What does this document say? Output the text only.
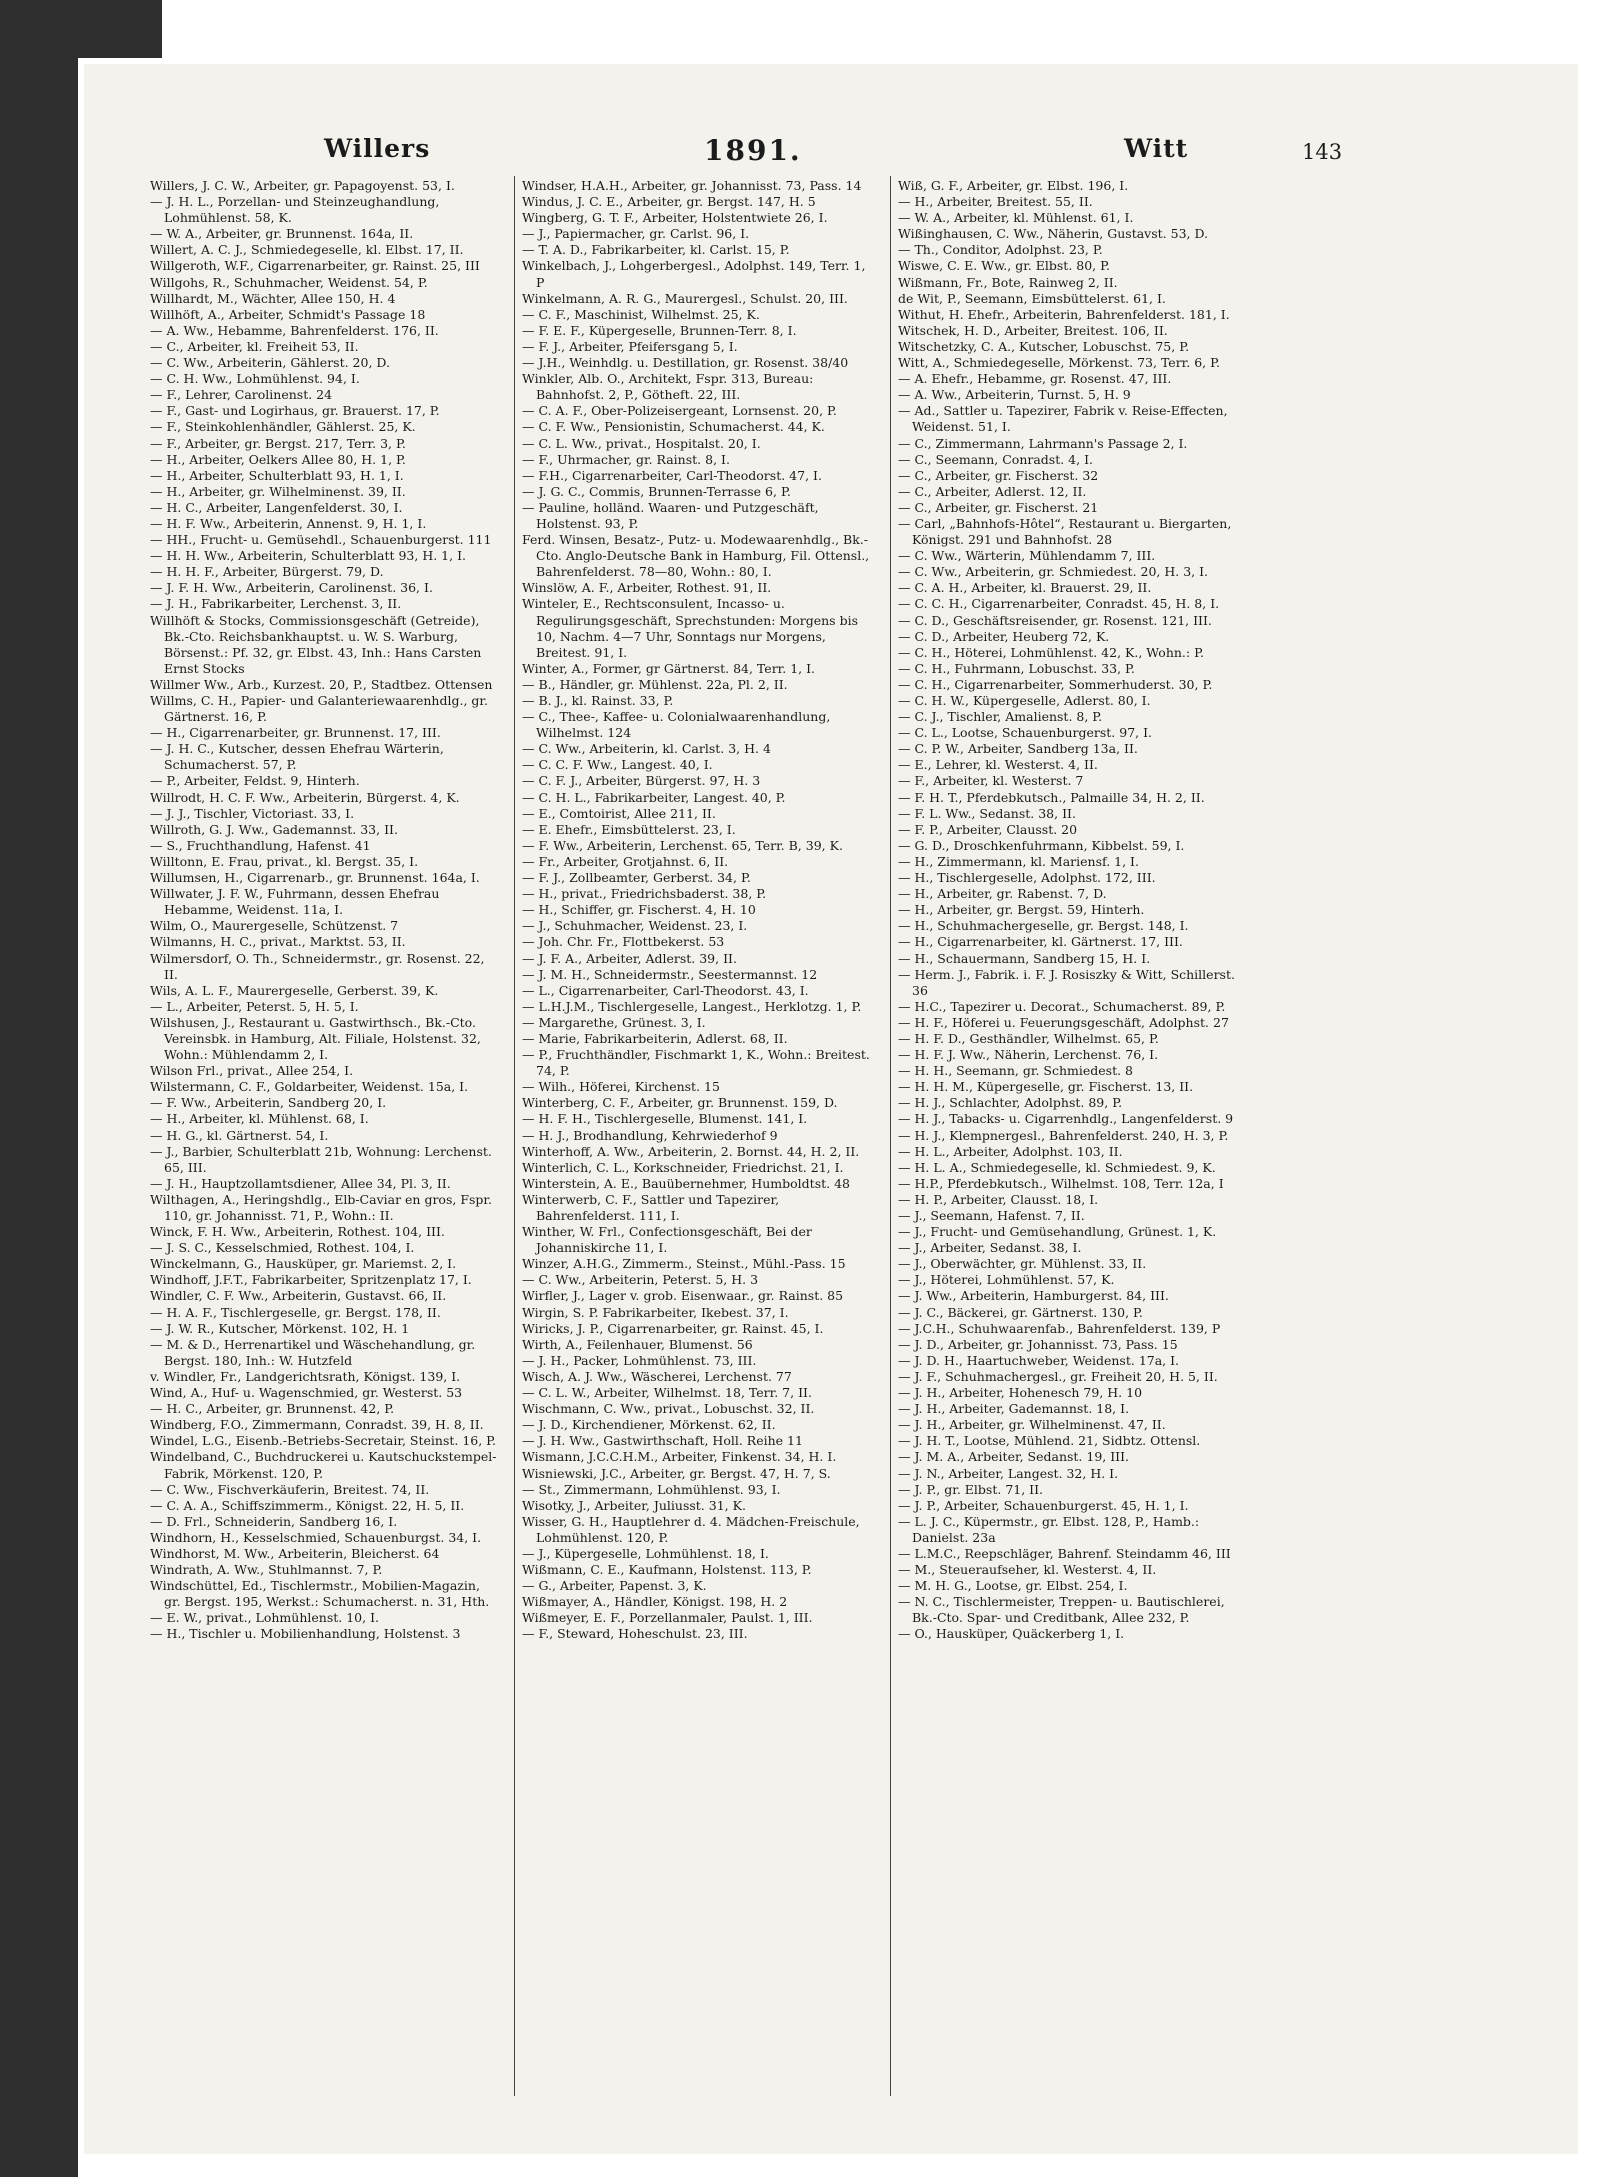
Willers	1891.	Witt	143

Willers, J. C. W., Arbeiter, gr. Papagoyenst. 53, I.

— J. H. L., Porzellan- und Steinzeughandlung, Lohmühlenst. 58, K.

— W. A., Arbeiter, gr. Brunnenst. 164a, II.

Willert, A. C. J., Schmiedegeselle, kl. Elbst. 17, II.

Willgeroth, W.F., Cigarrenarbeiter, gr. Rainst. 25, III

Willgohs, R., Schuhmacher, Weidenst. 54, P.

Willhardt, M., Wächter, Allee 150, H. 4

Willhöft, A., Arbeiter, Schmidt's Passage 18

— A. Ww., Hebamme, Bahrenfelderst. 176, II.

— C., Arbeiter, kl. Freiheit 53, II.

— C. Ww., Arbeiterin, Gählerst. 20, D.

— C. H. Ww., Lohmühlenst. 94, I.

— F., Lehrer, Carolinenst. 24

— F., Gast- und Logirhaus, gr. Brauerst. 17, P.

— F., Steinkohlenhändler, Gählerst. 25, K.

— F., Arbeiter, gr. Bergst. 217, Terr. 3, P.

— H., Arbeiter, Oelkers Allee 80, H. 1, P.

— H., Arbeiter, Schulterblatt 93, H. 1, I.

— H., Arbeiter, gr. Wilhelminenst. 39, II.

— H. C., Arbeiter, Langenfelderst. 30, I.

— H. F. Ww., Arbeiterin, Annenst. 9, H. 1, I.

— HH., Frucht- u. Gemüsehdl., Schauenburgerst. 111

— H. H. Ww., Arbeiterin, Schulterblatt 93, H. 1, I.

— H. H. F., Arbeiter, Bürgerst. 79, D.

— J. F. H. Ww., Arbeiterin, Carolinenst. 36, I.

— J. H., Fabrikarbeiter, Lerchenst. 3, II.

Willhöft & Stocks, Commissionsgeschäft (Getreide), Bk.-Cto. Reichsbankhauptst. u. W. S. Warburg, Börsenst.: Pf. 32, gr. Elbst. 43, Inh.: Hans Carsten Ernst Stocks

Willmer Ww., Arb., Kurzest. 20, P., Stadtbez. Ottensen

Willms, C. H., Papier- und Galanteriewaarenhdlg., gr. Gärtnerst. 16, P.

— H., Cigarrenarbeiter, gr. Brunnenst. 17, III.

— J. H. C., Kutscher, dessen Ehefrau Wärterin, Schumacherst. 57, P.

— P., Arbeiter, Feldst. 9, Hinterh.

Willrodt, H. C. F. Ww., Arbeiterin, Bürgerst. 4, K.

— J. J., Tischler, Victoriast. 33, I.

Willroth, G. J. Ww., Gademannst. 33, II.

— S., Fruchthandlung, Hafenst. 41

Willtonn, E. Frau, privat., kl. Bergst. 35, I.

Willumsen, H., Cigarrenarb., gr. Brunnenst. 164a, I.

Willwater, J. F. W., Fuhrmann, dessen Ehefrau Hebamme, Weidenst. 11a, I.

Wilm, O., Maurergeselle, Schützenst. 7

Wilmanns, H. C., privat., Marktst. 53, II.

Wilmersdorf, O. Th., Schneidermstr., gr. Rosenst. 22, II.

Wils, A. L. F., Maurergeselle, Gerberst. 39, K.

— L., Arbeiter, Peterst. 5, H. 5, I.

Wilshusen, J., Restaurant u. Gastwirthsch., Bk.-Cto. Vereinsbk. in Hamburg, Alt. Filiale, Holstenst. 32, Wohn.: Mühlendamm 2, I.

Wilson Frl., privat., Allee 254, I.

Wilstermann, C. F., Goldarbeiter, Weidenst. 15a, I.

— F. Ww., Arbeiterin, Sandberg 20, I.

— H., Arbeiter, kl. Mühlenst. 68, I.

— H. G., kl. Gärtnerst. 54, I.

— J., Barbier, Schulterblatt 21b, Wohnung: Lerchenst. 65, III.

— J. H., Hauptzollamtsdiener, Allee 34, Pl. 3, II.

Wilthagen, A., Heringshdlg., Elb-Caviar en gros, Fspr. 110, gr. Johannisst. 71, P., Wohn.: II.

Winck, F. H. Ww., Arbeiterin, Rothest. 104, III.

— J. S. C., Kesselschmied, Rothest. 104, I.

Winckelmann, G., Hausküper, gr. Mariemst. 2, I.

Windhoff, J.F.T., Fabrikarbeiter, Spritzenplatz 17, I.

Windler, C. F. Ww., Arbeiterin, Gustavst. 66, II.

— H. A. F., Tischlergeselle, gr. Bergst. 178, II.

— J. W. R., Kutscher, Mörkenst. 102, H. 1

— M. & D., Herrenartikel und Wäschehandlung, gr. Bergst. 180, Inh.: W. Hutzfeld

v. Windler, Fr., Landgerichtsrath, Königst. 139, I.

Wind, A., Huf- u. Wagenschmied, gr. Westerst. 53

— H. C., Arbeiter, gr. Brunnenst. 42, P.

Windberg, F.O., Zimmermann, Conradst. 39, H. 8, II.

Windel, L.G., Eisenb.-Betriebs-Secretair, Steinst. 16, P.

Windelband, C., Buchdruckerei u. Kautschuckstempel-Fabrik, Mörkenst. 120, P.

— C. Ww., Fischverkäuferin, Breitest. 74, II.

— C. A. A., Schiffszimmerm., Königst. 22, H. 5, II.

— D. Frl., Schneiderin, Sandberg 16, I.

Windhorn, H., Kesselschmied, Schauenburgst. 34, I.

Windhorst, M. Ww., Arbeiterin, Bleicherst. 64

Windrath, A. Ww., Stuhlmannst. 7, P.

Windschüttel, Ed., Tischlermstr., Mobilien-Magazin, gr. Bergst. 195, Werkst.: Schumacherst. n. 31, Hth.

— E. W., privat., Lohmühlenst. 10, I.

— H., Tischler u. Mobilienhandlung, Holstenst. 3

Windser, H.A.H., Arbeiter, gr. Johannisst. 73, Pass. 14

Windus, J. C. E., Arbeiter, gr. Bergst. 147, H. 5

Wingberg, G. T. F., Arbeiter, Holstentwiete 26, I.

— J., Papiermacher, gr. Carlst. 96, I.

— T. A. D., Fabrikarbeiter, kl. Carlst. 15, P.

Winkelbach, J., Lohgerbergesl., Adolphst. 149, Terr. 1, P

Winkelmann, A. R. G., Maurergesl., Schulst. 20, III.

— C. F., Maschinist, Wilhelmst. 25, K.

— F. E. F., Küpergeselle, Brunnen-Terr. 8, I.

— F. J., Arbeiter, Pfeifersgang 5, I.

— J.H., Weinhdlg. u. Destillation, gr. Rosenst. 38/40

Winkler, Alb. O., Architekt, Fspr. 313, Bureau: Bahnhofst. 2, P., Götheft. 22, III.

— C. A. F., Ober-Polizeisergeant, Lornsenst. 20, P.

— C. F. Ww., Pensionistin, Schumacherst. 44, K.

— C. L. Ww., privat., Hospitalst. 20, I.

— F., Uhrmacher, gr. Rainst. 8, I.

— F.H., Cigarrenarbeiter, Carl-Theodorst. 47, I.

— J. G. C., Commis, Brunnen-Terrasse 6, P.

— Pauline, holländ. Waaren- und Putzgeschäft, Holstenst. 93, P.

Ferd. Winsen, Besatz-, Putz- u. Modewaarenhdlg., Bk.-Cto. Anglo-Deutsche Bank in Hamburg, Fil. Ottensl., Bahrenfelderst. 78—80, Wohn.: 80, I.

Winslöw, A. F., Arbeiter, Rothest. 91, II.

Winteler, E., Rechtsconsulent, Incasso- u. Regulirungsgeschäft, Sprechstunden: Morgens bis 10, Nachm. 4—7 Uhr, Sonntags nur Morgens, Breitest. 91, I.

Winter, A., Former, gr Gärtnerst. 84, Terr. 1, I.

— B., Händler, gr. Mühlenst. 22a, Pl. 2, II.

— B. J., kl. Rainst. 33, P.

— C., Thee-, Kaffee- u. Colonialwaarenhandlung, Wilhelmst. 124

— C. Ww., Arbeiterin, kl. Carlst. 3, H. 4

— C. C. F. Ww., Langest. 40, I.

— C. F. J., Arbeiter, Bürgerst. 97, H. 3

— C. H. L., Fabrikarbeiter, Langest. 40, P.

— E., Comtoirist, Allee 211, II.

— E. Ehefr., Eimsbüttelerst. 23, I.

— F. Ww., Arbeiterin, Lerchenst. 65, Terr. B, 39, K.

— Fr., Arbeiter, Grotjahnst. 6, II.

— F. J., Zollbeamter, Gerberst. 34, P.

— H., privat., Friedrichsbaderst. 38, P.

— H., Schiffer, gr. Fischerst. 4, H. 10

— J., Schuhmacher, Weidenst. 23, I.

— Joh. Chr. Fr., Flottbekerst. 53

— J. F. A., Arbeiter, Adlerst. 39, II.

— J. M. H., Schneidermstr., Seestermannst. 12

— L., Cigarrenarbeiter, Carl-Theodorst. 43, I.

— L.H.J.M., Tischlergeselle, Langest., Herklotzg. 1, P.

— Margarethe, Grünest. 3, I.

— Marie, Fabrikarbeiterin, Adlerst. 68, II.

— P., Fruchthändler, Fischmarkt 1, K., Wohn.: Breitest. 74, P.

— Wilh., Höferei, Kirchenst. 15

Winterberg, C. F., Arbeiter, gr. Brunnenst. 159, D.

— H. F. H., Tischlergeselle, Blumenst. 141, I.

— H. J., Brodhandlung, Kehrwiederhof 9

Winterhoff, A. Ww., Arbeiterin, 2. Bornst. 44, H. 2, II.

Winterlich, C. L., Korkschneider, Friedrichst. 21, I.

Winterstein, A. E., Bauübernehmer, Humboldtst. 48

Winterwerb, C. F., Sattler und Tapezirer, Bahrenfelderst. 111, I.

Winther, W. Frl., Confectionsgeschäft, Bei der Johanniskirche 11, I.

Winzer, A.H.G., Zimmerm., Steinst., Mühl.-Pass. 15

— C. Ww., Arbeiterin, Peterst. 5, H. 3

Wirfler, J., Lager v. grob. Eisenwaar., gr. Rainst. 85

Wirgin, S. P. Fabrikarbeiter, Ikebest. 37, I.

Wiricks, J. P., Cigarrenarbeiter, gr. Rainst. 45, I.

Wirth, A., Feilenhauer, Blumenst. 56

— J. H., Packer, Lohmühlenst. 73, III.

Wisch, A. J. Ww., Wäscherei, Lerchenst. 77

— C. L. W., Arbeiter, Wilhelmst. 18, Terr. 7, II.

Wischmann, C. Ww., privat., Lobuschst. 32, II.

— J. D., Kirchendiener, Mörkenst. 62, II.

— J. H. Ww., Gastwirthschaft, Holl. Reihe 11

Wismann, J.C.C.H.M., Arbeiter, Finkenst. 34, H. I.

Wisniewski, J.C., Arbeiter, gr. Bergst. 47, H. 7, S.

— St., Zimmermann, Lohmühlenst. 93, I.

Wisotky, J., Arbeiter, Juliusst. 31, K.

Wisser, G. H., Hauptlehrer d. 4. Mädchen-Freischule, Lohmühlenst. 120, P.

— J., Küpergeselle, Lohmühlenst. 18, I.

Wißmann, C. E., Kaufmann, Holstenst. 113, P.

— G., Arbeiter, Papenst. 3, K.

Wißmayer, A., Händler, Königst. 198, H. 2

Wißmeyer, E. F., Porzellanmaler, Paulst. 1, III.

— F., Steward, Hoheschulst. 23, III.

Wiß, G. F., Arbeiter, gr. Elbst. 196, I.

— H., Arbeiter, Breitest. 55, II.

— W. A., Arbeiter, kl. Mühlenst. 61, I.

Wißinghausen, C. Ww., Näherin, Gustavst. 53, D.

— Th., Conditor, Adolphst. 23, P.

Wiswe, C. E. Ww., gr. Elbst. 80, P.

Wißmann, Fr., Bote, Rainweg 2, II.

de Wit, P., Seemann, Eimsbüttelerst. 61, I.

Withut, H. Ehefr., Arbeiterin, Bahrenfelderst. 181, I.

Witschek, H. D., Arbeiter, Breitest. 106, II.

Witschetzky, C. A., Kutscher, Lobuschst. 75, P.

Witt, A., Schmiedegeselle, Mörkenst. 73, Terr. 6, P.

— A. Ehefr., Hebamme, gr. Rosenst. 47, III.

— A. Ww., Arbeiterin, Turnst. 5, H. 9

— Ad., Sattler u. Tapezirer, Fabrik v. Reise-Effecten, Weidenst. 51, I.

— C., Zimmermann, Lahrmann's Passage 2, I.

— C., Seemann, Conradst. 4, I.

— C., Arbeiter, gr. Fischerst. 32

— C., Arbeiter, Adlerst. 12, II.

— C., Arbeiter, gr. Fischerst. 21

— Carl, „Bahnhofs-Hôtel“, Restaurant u. Biergarten, Königst. 291 und Bahnhofst. 28

— C. Ww., Wärterin, Mühlendamm 7, III.

— C. Ww., Arbeiterin, gr. Schmiedest. 20, H. 3, I.

— C. A. H., Arbeiter, kl. Brauerst. 29, II.

— C. C. H., Cigarrenarbeiter, Conradst. 45, H. 8, I.

— C. D., Geschäftsreisender, gr. Rosenst. 121, III.

— C. D., Arbeiter, Heuberg 72, K.

— C. H., Höterei, Lohmühlenst. 42, K., Wohn.: P.

— C. H., Fuhrmann, Lobuschst. 33, P.

— C. H., Cigarrenarbeiter, Sommerhuderst. 30, P.

— C. H. W., Küpergeselle, Adlerst. 80, I.

— C. J., Tischler, Amalienst. 8, P.

— C. L., Lootse, Schauenburgerst. 97, I.

— C. P. W., Arbeiter, Sandberg 13a, II.

— E., Lehrer, kl. Westerst. 4, II.

— F., Arbeiter, kl. Westerst. 7

— F. H. T., Pferdebkutsch., Palmaille 34, H. 2, II.

— F. L. Ww., Sedanst. 38, II.

— F. P., Arbeiter, Clausst. 20

— G. D., Droschkenfuhrmann, Kibbelst. 59, I.

— H., Zimmermann, kl. Mariensf. 1, I.

— H., Tischlergeselle, Adolphst. 172, III.

— H., Arbeiter, gr. Rabenst. 7, D.

— H., Arbeiter, gr. Bergst. 59, Hinterh.

— H., Schuhmachergeselle, gr. Bergst. 148, I.

— H., Cigarrenarbeiter, kl. Gärtnerst. 17, III.

— H., Schauermann, Sandberg 15, H. I.

— Herm. J., Fabrik. i. F. J. Rosiszky & Witt, Schillerst. 36

— H.C., Tapezirer u. Decorat., Schumacherst. 89, P.

— H. F., Höferei u. Feuerungsgeschäft, Adolphst. 27

— H. F. D., Gesthändler, Wilhelmst. 65, P.

— H. F. J. Ww., Näherin, Lerchenst. 76, I.

— H. H., Seemann, gr. Schmiedest. 8

— H. H. M., Küpergeselle, gr. Fischerst. 13, II.

— H. J., Schlachter, Adolphst. 89, P.

— H. J., Tabacks- u. Cigarrenhdlg., Langenfelderst. 9

— H. J., Klempnergesl., Bahrenfelderst. 240, H. 3, P.

— H. L., Arbeiter, Adolphst. 103, II.

— H. L. A., Schmiedegeselle, kl. Schmiedest. 9, K.

— H.P., Pferdebkutsch., Wilhelmst. 108, Terr. 12a, I

— H. P., Arbeiter, Clausst. 18, I.

— J., Seemann, Hafenst. 7, II.

— J., Frucht- und Gemüsehandlung, Grünest. 1, K.

— J., Arbeiter, Sedanst. 38, I.

— J., Oberwächter, gr. Mühlenst. 33, II.

— J., Höterei, Lohmühlenst. 57, K.

— J. Ww., Arbeiterin, Hamburgerst. 84, III.

— J. C., Bäckerei, gr. Gärtnerst. 130, P.

— J.C.H., Schuhwaarenfab., Bahrenfelderst. 139, P

— J. D., Arbeiter, gr. Johannisst. 73, Pass. 15

— J. D. H., Haartuchweber, Weidenst. 17a, I.

— J. F., Schuhmachergesl., gr. Freiheit 20, H. 5, II.

— J. H., Arbeiter, Hohenesch 79, H. 10

— J. H., Arbeiter, Gademannst. 18, I.

— J. H., Arbeiter, gr. Wilhelminenst. 47, II.

— J. H. T., Lootse, Mühlend. 21, Sidbtz. Ottensl.

— J. M. A., Arbeiter, Sedanst. 19, III.

— J. N., Arbeiter, Langest. 32, H. I.

— J. P., gr. Elbst. 71, II.

— J. P., Arbeiter, Schauenburgerst. 45, H. 1, I.

— L. J. C., Küpermstr., gr. Elbst. 128, P., Hamb.: Danielst. 23a

— L.M.C., Reepschläger, Bahrenf. Steindamm 46, III

— M., Steueraufseher, kl. Westerst. 4, II.

— M. H. G., Lootse, gr. Elbst. 254, I.

— N. C., Tischlermeister, Treppen- u. Bautischlerei, Bk.-Cto. Spar- und Creditbank, Allee 232, P.

— O., Hausküper, Quäckerberg 1, I.
